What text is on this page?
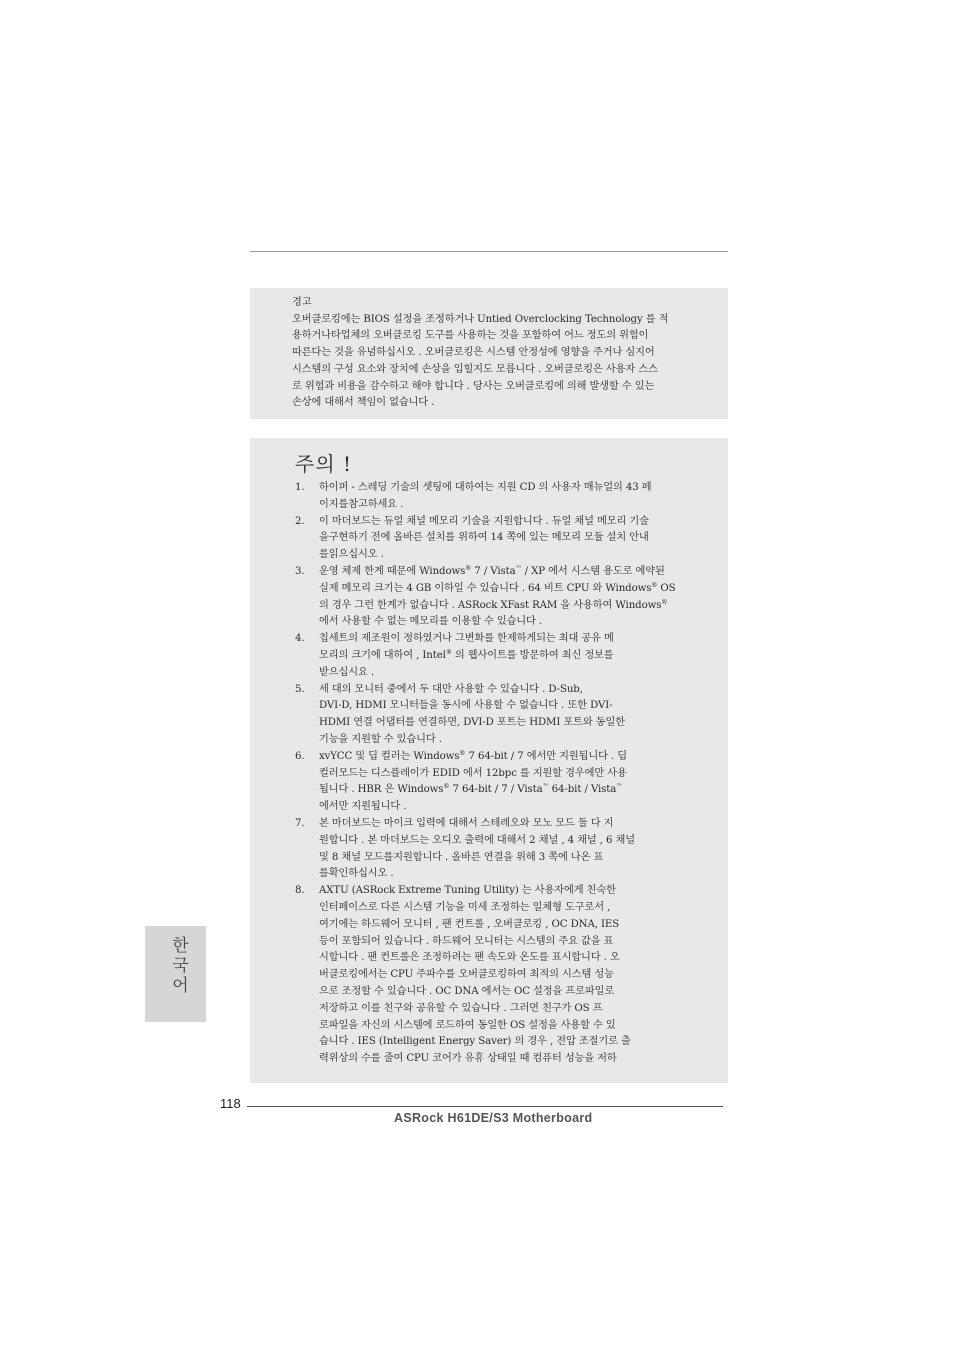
경고
오버클로킹에는 BIOS 설정을 조정하거나 Untied Overclocking Technology 를 적
용하거나타업체의 오버클로킹 도구를 사용하는 것을 포함하여 어느 정도의 위험이
따른다는 것을 유념하십시오 . 오버클로킹은 시스템 안정성에 영향을 주거나 심지어
시스템의 구성 요소와 장치에 손상을 입힐지도 모릅니다 . 오버클로킹은 사용자 스스
로 위험과 비용을 감수하고 해야 합니다 . 당사는 오버클로킹에 의해 발생할 수 있는
손상에 대해서 책임이 없습니다 .
주의 !
1. 하이퍼 - 스레딩 기술의 셋팅에 대하여는 지원 CD 의 사용자 매뉴얼의 43 페
이지를참고하세요 .
2. 이 마더보드는 듀얼 채널 메모리 기술을 지원합니다 . 듀얼 채널 메모리 기술
을구현하기 전에 올바른 설치를 위하여 14 쪽에 있는 메모리 모듈 설치 안내
를읽으십시오 .
3. 운영 체제 한계 때문에 Windows® 7 / Vista™ / XP 에서 시스템 용도로 예약된
실제 메모리 크기는 4 GB 이하일 수 있습니다 . 64 비트 CPU 와 Windows® OS
의 경우 그런 한계가 없습니다 . ASRock XFast RAM 을 사용하여 Windows®
에서 사용할 수 없는 메모리를 이용할 수 있습니다 .
4. 칩세트의 제조원이 정하였거나 그변화를 한제하게되는 최대 공유 메
모리의 크기에 대하여 , Intel® 의 웹사이트를 방문하여 최신 정보를
받으십시요 .
5. 세 대의 모니터 중에서 두 대만 사용할 수 있습니다 . D-Sub,
DVI-D, HDMI 모니터들을 동시에 사용할 수 없습니다 . 또한 DVI-
HDMI 연결 어댑터를 연결하면, DVI-D 포트는 HDMI 포트와 동일한
기능을 지원할 수 있습니다 .
6. xvYCC 및 딥 컬러는 Windows® 7 64-bit / 7 에서만 지원됩니다 . 딥
컬러모드는 디스플레이가 EDID 에서 12bpc 를 지원할 경우에만 사용
됩니다 . HBR 은 Windows® 7 64-bit / 7 / Vista™ 64-bit / Vista™
에서만 지원됩니다 .
7. 본 마더보드는 마이크 입력에 대해서 스테레오와 모노 모드 둘 다 지
원합니다 . 본 마더보드는 오디오 출력에 대해서 2 채널 , 4 채널 , 6 채널
및 8 채널 모드를지원합니다 . 올바른 연결을 위해 3 쪽에 나온 표
를확인하십시오 .
8. AXTU (ASRock Extreme Tuning Utility) 는 사용자에게 친숙한
인터페이스로 다른 시스템 기능을 미세 조정하는 일체형 도구로서 ,
여기에는 하드웨어 모니터 , 팬 컨트롤 , 오버클로킹 , OC DNA, IES
등이 포함되어 있습니다 . 하드웨어 모니터는 시스템의 주요 값을 표
시합니다 . 팬 컨트롤은 조정하려는 팬 속도와 온도를 표시합니다 . 오
버클로킹에서는 CPU 주파수를 오버클로킹하여 최적의 시스템 성능
으로 조정할 수 있습니다 . OC DNA 에서는 OC 설정을 프로파일로
저장하고 이를 친구와 공유할 수 있습니다 . 그러면 친구가 OS 프
로파일을 자신의 시스템에 로드하여 동일한 OS 설정을 사용할 수 있
습니다 . IES (Intelligent Energy Saver) 의 경우 , 전압 조절기로 출
력위상의 수를 줄여 CPU 코어가 유휴 상태일 때 컴퓨터 성능을 저하
한국어
118
ASRock H61DE/S3 Motherboard
